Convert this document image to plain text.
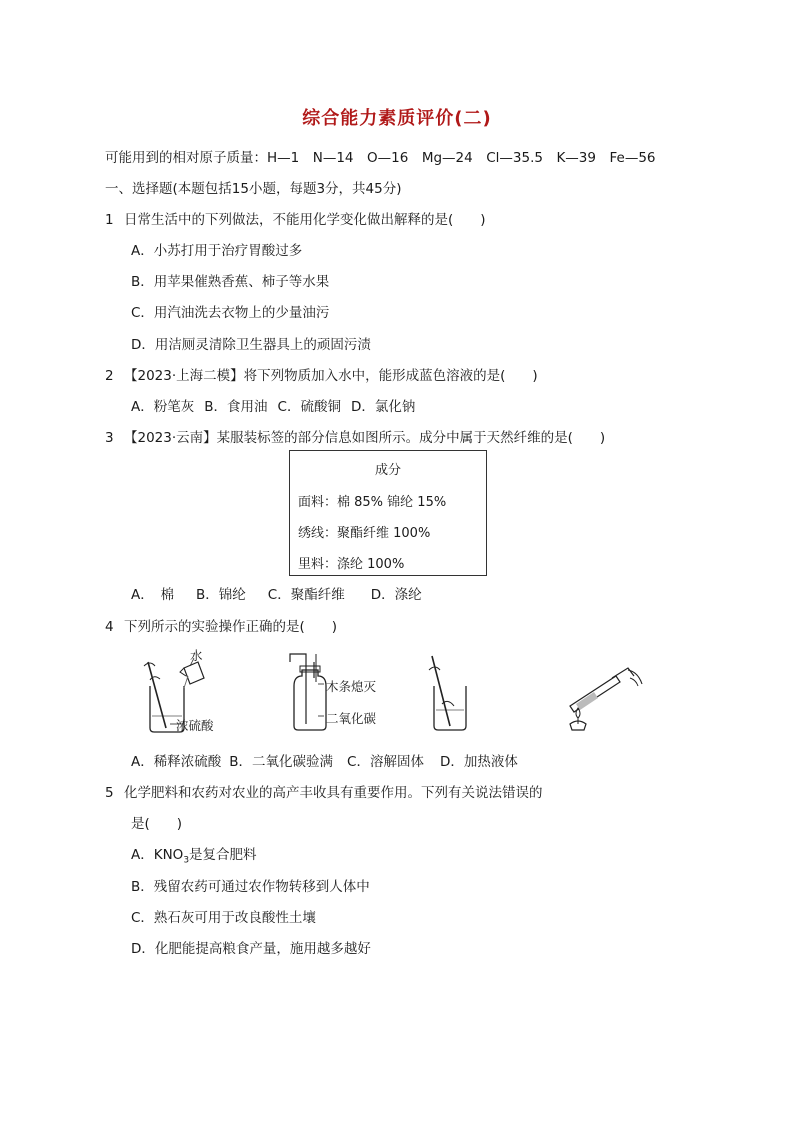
综合能力素质评价(二)
可能用到的相对原子质量：H—1　N—14　O—16　Mg—24　Cl—35.5　K—39　Fe—56
一、选择题(本题包括15小题，每题3分，共45分)
1 日常生活中的下列做法，不能用化学变化做出解释的是(　　)
A．小苏打用于治疗胃酸过多
B．用苹果催熟香蕉、柿子等水果
C．用汽油洗去衣物上的少量油污
D．用洁厕灵清除卫生器具上的顽固污渍
2 【2023·上海二模】将下列物质加入水中，能形成蓝色溶液的是(　　)
A．粉笔灰 B．食用油 C．硫酸铜 D．氯化钠
3 【2023·云南】某服装标签的部分信息如图所示。成分中属于天然纤维的是(　　)
成分
面料：棉 85% 锦纶 15%
绣线：聚酯纤维 100%
里料：涤纶 100%
A．　棉 B．锦纶 C．聚酯纤维 D．涤纶
4 下列所示的实验操作正确的是(　　)
水
浓硫酸
木条熄灭
二氧化碳
A．稀释浓硫酸 B．二氧化碳验满 C．溶解固体 D．加热液体
5 化学肥料和农药对农业的高产丰收具有重要作用。下列有关说法错误的
是(　　)
A．$KNO_3$是复合肥料
B．残留农药可通过农作物转移到人体中
C．熟石灰可用于改良酸性土壤
D．化肥能提高粮食产量，施用越多越好
